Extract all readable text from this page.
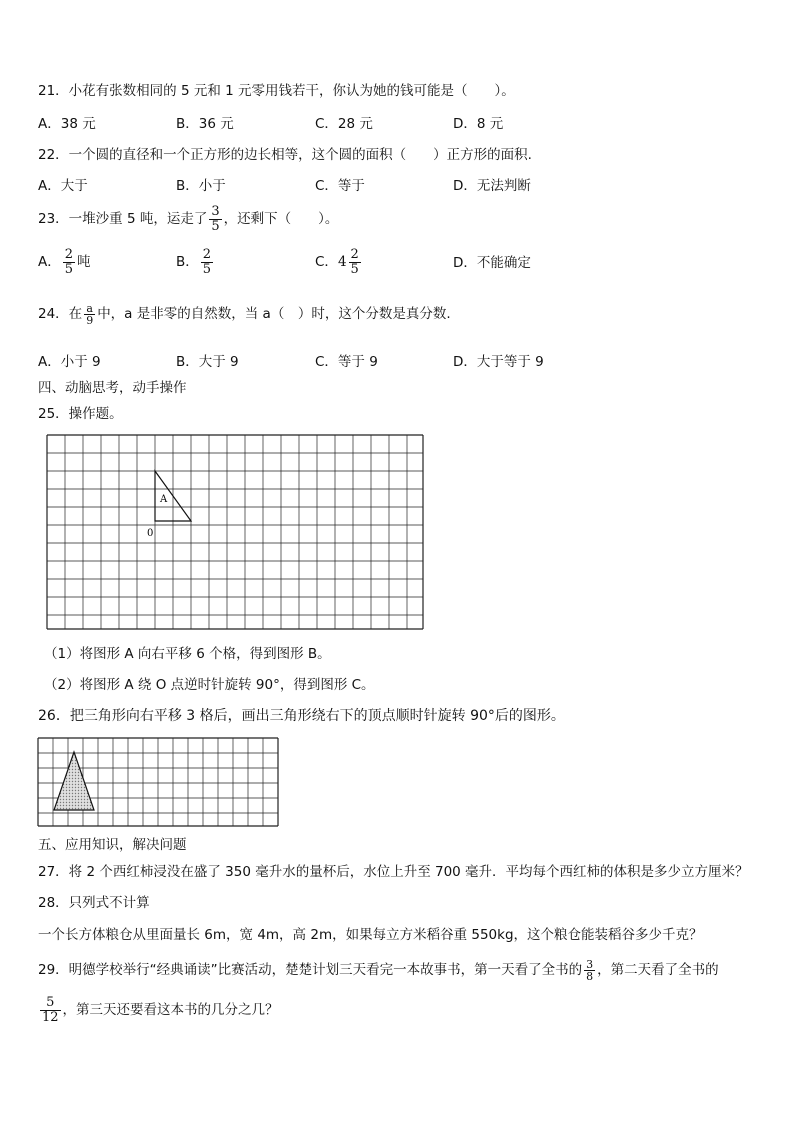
21．小花有张数相同的 5 元和 1 元零用钱若干，你认为她的钱可能是（　　）。
A．38 元	B．36 元	C．28 元	D．8 元
22．一个圆的直径和一个正方形的边长相等，这个圆的面积（　　）正方形的面积.
A．大于	B．小于	C．等于	D．无法判断
23．一堆沙重 5 吨，运走了 $\frac{3}{5}$ ，还剩下（　　）。
A． $\frac{2}{5}$ 吨	B． $\frac{2}{5}$	C．$4 \frac{2}{5}$	D．不能确定
24．在 $\frac{a}{9}$ 中，a 是非零的自然数，当 a（　）时，这个分数是真分数.
A．小于 9	B．大于 9	C．等于 9	D．大于等于 9
四、动脑思考，动手操作
25．操作题。
A
0
（1）将图形 A 向右平移 6 个格，得到图形 B。
（2）将图形 A 绕 O 点逆时针旋转 90°，得到图形 C。
26．把三角形向右平移 3 格后，画出三角形绕右下的顶点顺时针旋转 90°后的图形。
五、应用知识，解决问题
27．将 2 个西红柿浸没在盛了 350 毫升水的量杯后，水位上升至 700 毫升．平均每个西红柿的体积是多少立方厘米？
28．只列式不计算
一个长方体粮仓从里面量长 6m，宽 4m，高 2m，如果每立方米稻谷重 550kg，这个粮仓能装稻谷多少千克？
29．明德学校举行“经典诵读”比赛活动，楚楚计划三天看完一本故事书，第一天看了全书的 $\frac{3}{8}$ ，第二天看了全书的
$\frac{5}{12}$ ，第三天还要看这本书的几分之几？
